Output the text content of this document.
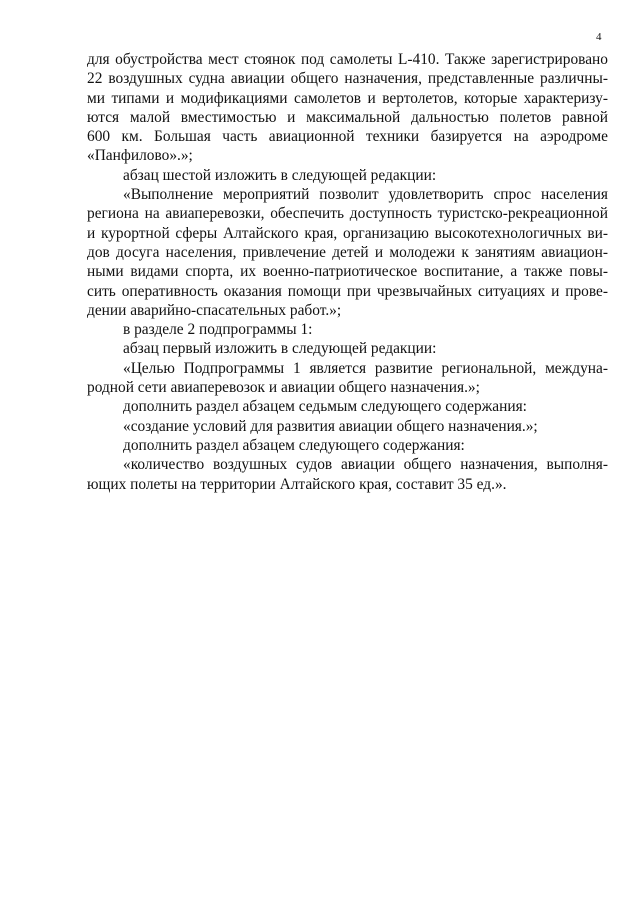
4
для обустройства мест стоянок под самолеты L-410. Также зарегистрировано
22 воздушных судна авиации общего назначения, представленные различны-
ми типами и модификациями самолетов и вертолетов, которые характеризу-
ются малой вместимостью и максимальной дальностью полетов равной
600 км. Большая часть авиационной техники базируется на аэродроме
«Панфилово».»;
абзац шестой изложить в следующей редакции:
«Выполнение мероприятий позволит удовлетворить спрос населения
региона на авиаперевозки, обеспечить доступность туристско-рекреационной
и курортной сферы Алтайского края, организацию высокотехнологичных ви-
дов досуга населения, привлечение детей и молодежи к занятиям авиацион-
ными видами спорта, их военно-патриотическое воспитание, а также повы-
сить оперативность оказания помощи при чрезвычайных ситуациях и прове-
дении аварийно-спасательных работ.»;
в разделе 2 подпрограммы 1:
абзац первый изложить в следующей редакции:
«Целью Подпрограммы 1 является развитие региональной, междуна-
родной сети авиаперевозок и авиации общего назначения.»;
дополнить раздел абзацем седьмым следующего содержания:
«создание условий для развития авиации общего назначения.»;
дополнить раздел абзацем следующего содержания:
«количество воздушных судов авиации общего назначения, выполня-
ющих полеты на территории Алтайского края, составит 35 ед.».
